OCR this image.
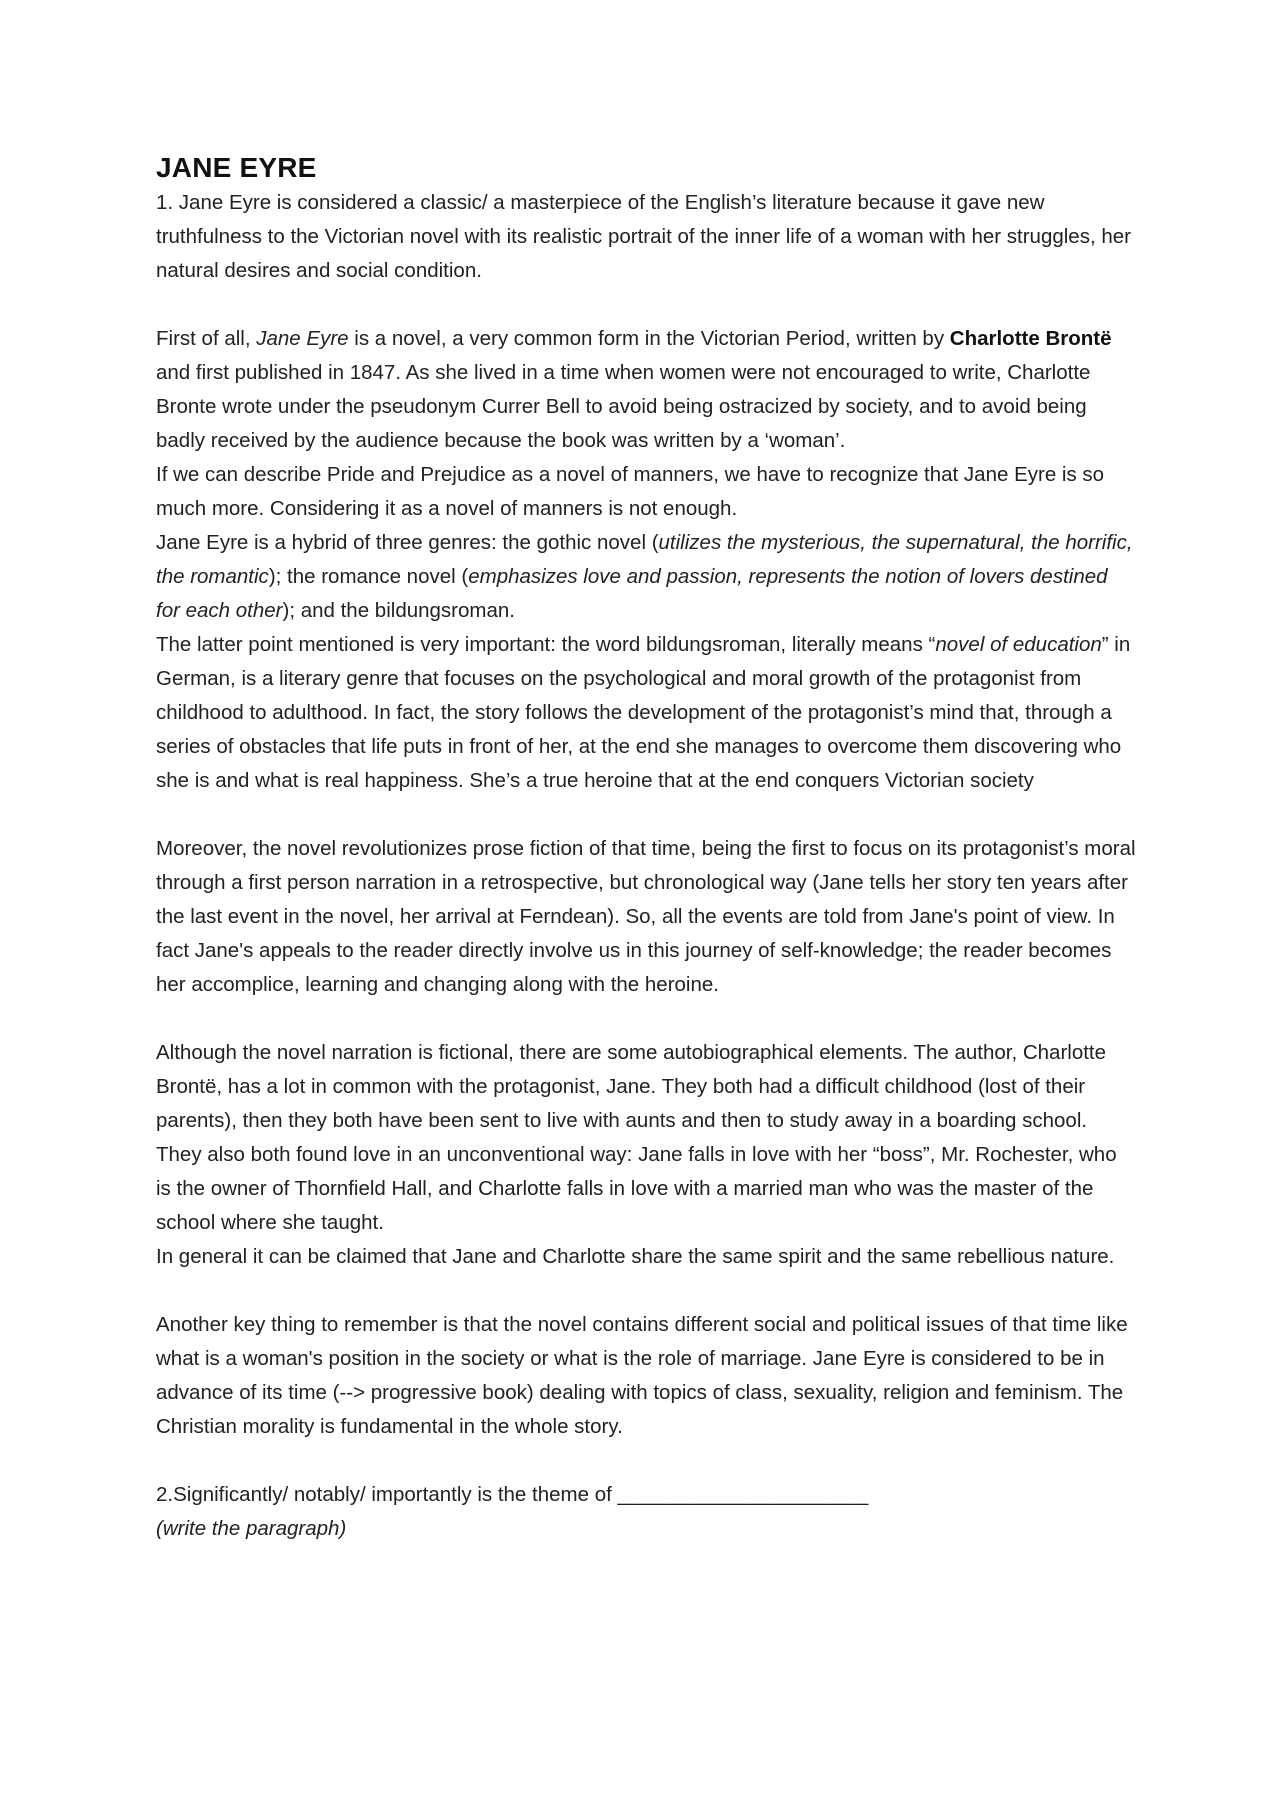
JANE EYRE

1. Jane Eyre is considered a classic/ a masterpiece of the English’s literature because it gave new truthfulness to the Victorian novel with its realistic portrait of the inner life of a woman with her struggles, her natural desires and social condition.

First of all, Jane Eyre is a novel, a very common form in the Victorian Period, written by Charlotte Brontë and first published in 1847. As she lived in a time when women were not encouraged to write, Charlotte Bronte wrote under the pseudonym Currer Bell to avoid being ostracized by society, and to avoid being badly received by the audience because the book was written by a ‘woman’.

If we can describe Pride and Prejudice as a novel of manners, we have to recognize that Jane Eyre is so much more. Considering it as a novel of manners is not enough.

Jane Eyre is a hybrid of three genres: the gothic novel (utilizes the mysterious, the supernatural, the horrific, the romantic); the romance novel (emphasizes love and passion, represents the notion of lovers destined for each other); and the bildungsroman.

The latter point mentioned is very important: the word bildungsroman, literally means “novel of education” in German, is a literary genre that focuses on the psychological and moral growth of the protagonist from childhood to adulthood. In fact, the story follows the development of the protagonist’s mind that, through a series of obstacles that life puts in front of her, at the end she manages to overcome them discovering who she is and what is real happiness. She’s a true heroine that at the end conquers Victorian society

Moreover, the novel revolutionizes prose fiction of that time, being the first to focus on its protagonist’s moral through a first person narration in a retrospective, but chronological way (Jane tells her story ten years after the last event in the novel, her arrival at Ferndean). So, all the events are told from Jane's point of view. In fact Jane's appeals to the reader directly involve us in this journey of self-knowledge; the reader becomes her accomplice, learning and changing along with the heroine.

Although the novel narration is fictional, there are some autobiographical elements. The author, Charlotte Brontë, has a lot in common with the protagonist, Jane. They both had a difficult childhood (lost of their parents), then they both have been sent to live with aunts and then to study away in a boarding school. They also both found love in an unconventional way: Jane falls in love with her “boss”, Mr. Rochester, who is the owner of Thornfield Hall, and Charlotte falls in love with a married man who was the master of the school where she taught.

In general it can be claimed that Jane and Charlotte share the same spirit and the same rebellious nature.

Another key thing to remember is that the novel contains different social and political issues of that time like what is a woman's position in the society or what is the role of marriage. Jane Eyre is considered to be in advance of its time (--> progressive book) dealing with topics of class, sexuality, religion and feminism. The Christian morality is fundamental in the whole story.

2.Significantly/ notably/ importantly is the theme of ______________________

(write the paragraph)
